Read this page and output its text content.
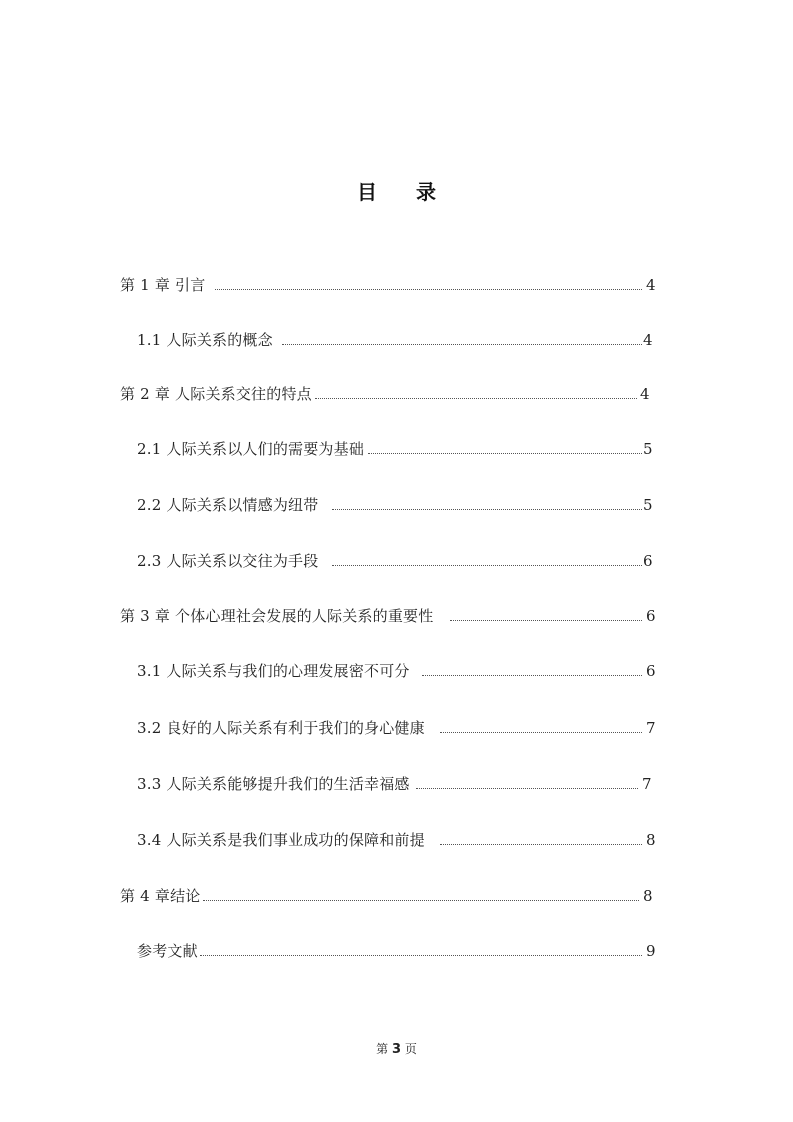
目 录
第 1 章 引言	4
1.1 人际关系的概念	4
第 2 章 人际关系交往的特点	4
2.1 人际关系以人们的需要为基础	5
2.2 人际关系以情感为纽带	5
2.3 人际关系以交往为手段	6
第 3 章 个体心理社会发展的人际关系的重要性	6
3.1 人际关系与我们的心理发展密不可分	6
3.2 良好的人际关系有利于我们的身心健康	7
3.3 人际关系能够提升我们的生活幸福感	7
3.4 人际关系是我们事业成功的保障和前提	8
第 4 章结论	8
参考文献	9
第 3 页
